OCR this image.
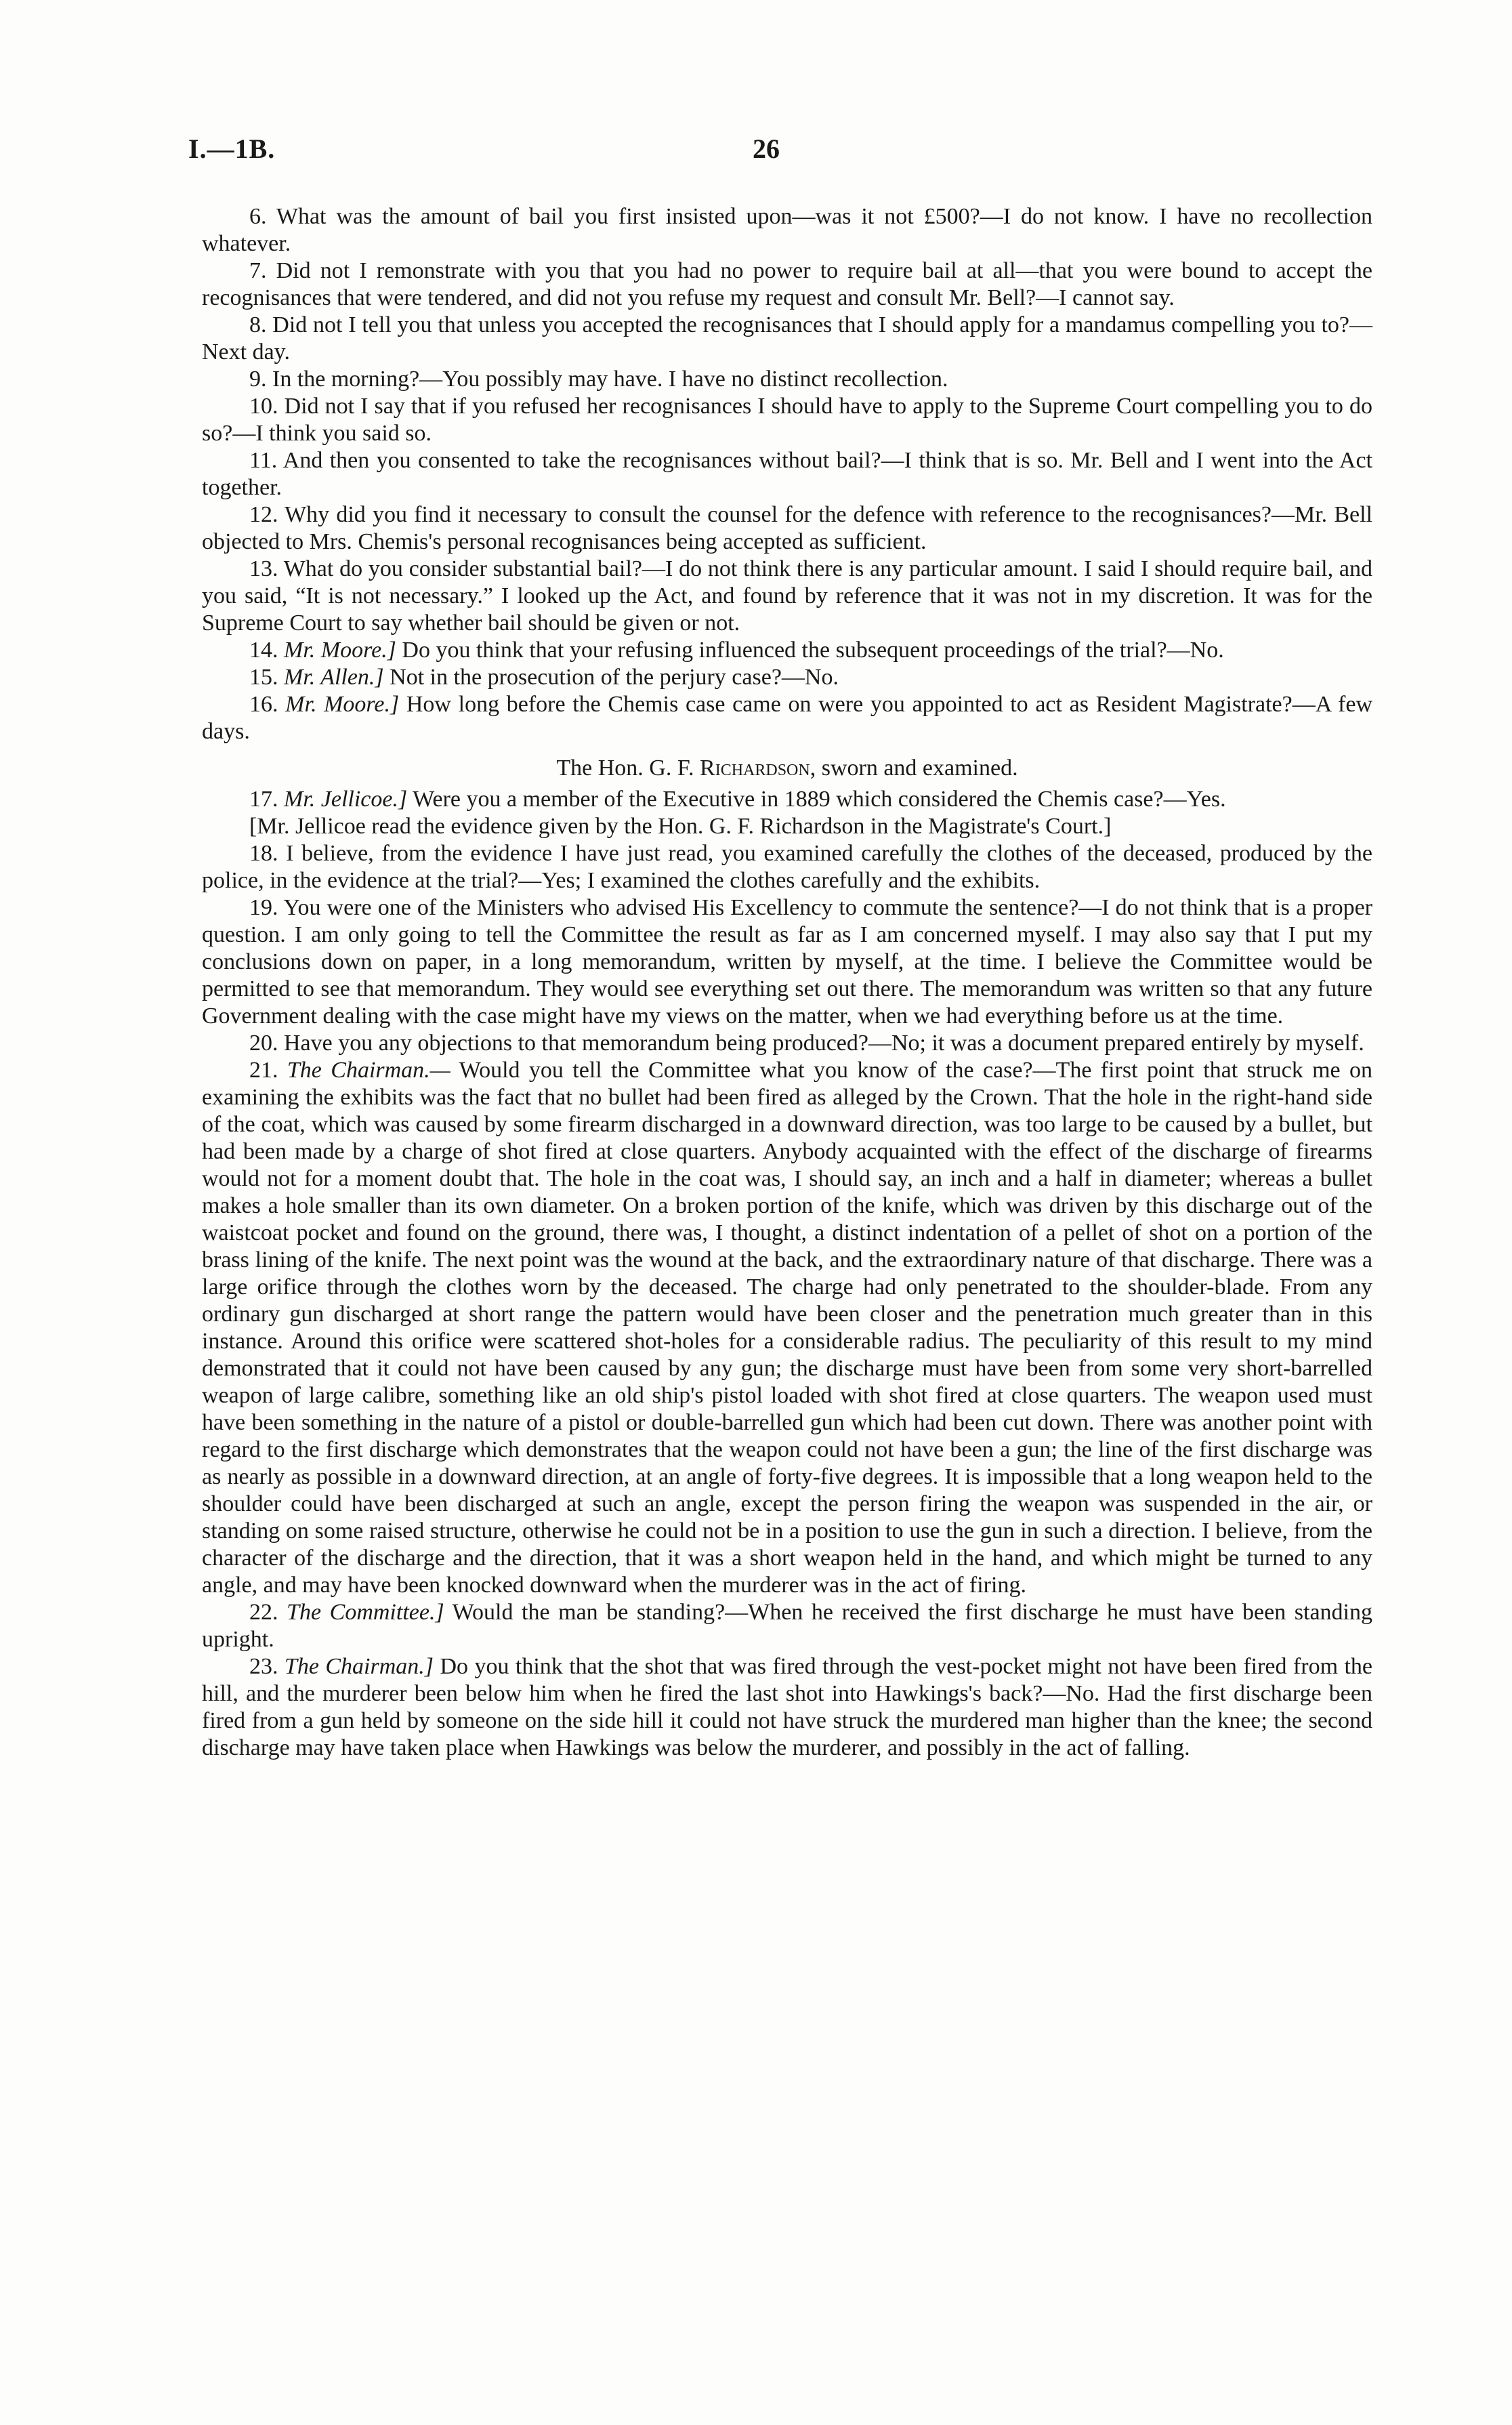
I.—1B.	26

6. What was the amount of bail you first insisted upon—was it not £500?—I do not know. I have no recollection whatever.

7. Did not I remonstrate with you that you had no power to require bail at all—that you were bound to accept the recognisances that were tendered, and did not you refuse my request and consult Mr. Bell?—I cannot say.

8. Did not I tell you that unless you accepted the recognisances that I should apply for a mandamus compelling you to?—Next day.

9. In the morning?—You possibly may have. I have no distinct recollection.

10. Did not I say that if you refused her recognisances I should have to apply to the Supreme Court compelling you to do so?—I think you said so.

11. And then you consented to take the recognisances without bail?—I think that is so. Mr. Bell and I went into the Act together.

12. Why did you find it necessary to consult the counsel for the defence with reference to the recognisances?—Mr. Bell objected to Mrs. Chemis's personal recognisances being accepted as sufficient.

13. What do you consider substantial bail?—I do not think there is any particular amount. I said I should require bail, and you said, “It is not necessary.” I looked up the Act, and found by reference that it was not in my discretion. It was for the Supreme Court to say whether bail should be given or not.

14. Mr. Moore.] Do you think that your refusing influenced the subsequent proceedings of the trial?—No.

15. Mr. Allen.] Not in the prosecution of the perjury case?—No.

16. Mr. Moore.] How long before the Chemis case came on were you appointed to act as Resident Magistrate?—A few days.

The Hon. G. F. Richardson, sworn and examined.

17. Mr. Jellicoe.] Were you a member of the Executive in 1889 which considered the Chemis case?—Yes.

[Mr. Jellicoe read the evidence given by the Hon. G. F. Richardson in the Magistrate's Court.]

18. I believe, from the evidence I have just read, you examined carefully the clothes of the deceased, produced by the police, in the evidence at the trial?—Yes; I examined the clothes carefully and the exhibits.

19. You were one of the Ministers who advised His Excellency to commute the sentence?—I do not think that is a proper question. I am only going to tell the Committee the result as far as I am concerned myself. I may also say that I put my conclusions down on paper, in a long memorandum, written by myself, at the time. I believe the Committee would be permitted to see that memorandum. They would see everything set out there. The memorandum was written so that any future Government dealing with the case might have my views on the matter, when we had everything before us at the time.

20. Have you any objections to that memorandum being produced?—No; it was a document prepared entirely by myself.

21. The Chairman.— Would you tell the Committee what you know of the case?—The first point that struck me on examining the exhibits was the fact that no bullet had been fired as alleged by the Crown. That the hole in the right-hand side of the coat, which was caused by some firearm discharged in a downward direction, was too large to be caused by a bullet, but had been made by a charge of shot fired at close quarters. Anybody acquainted with the effect of the discharge of firearms would not for a moment doubt that. The hole in the coat was, I should say, an inch and a half in diameter; whereas a bullet makes a hole smaller than its own diameter. On a broken portion of the knife, which was driven by this discharge out of the waistcoat pocket and found on the ground, there was, I thought, a distinct indentation of a pellet of shot on a portion of the brass lining of the knife. The next point was the wound at the back, and the extraordinary nature of that discharge. There was a large orifice through the clothes worn by the deceased. The charge had only penetrated to the shoulder-blade. From any ordinary gun discharged at short range the pattern would have been closer and the penetration much greater than in this instance. Around this orifice were scattered shot-holes for a considerable radius. The peculiarity of this result to my mind demonstrated that it could not have been caused by any gun; the discharge must have been from some very short-barrelled weapon of large calibre, something like an old ship's pistol loaded with shot fired at close quarters. The weapon used must have been something in the nature of a pistol or double-barrelled gun which had been cut down. There was another point with regard to the first discharge which demonstrates that the weapon could not have been a gun; the line of the first discharge was as nearly as possible in a downward direction, at an angle of forty-five degrees. It is impossible that a long weapon held to the shoulder could have been discharged at such an angle, except the person firing the weapon was suspended in the air, or standing on some raised structure, otherwise he could not be in a position to use the gun in such a direction. I believe, from the character of the discharge and the direction, that it was a short weapon held in the hand, and which might be turned to any angle, and may have been knocked downward when the murderer was in the act of firing.

22. The Committee.] Would the man be standing?—When he received the first discharge he must have been standing upright.

23. The Chairman.] Do you think that the shot that was fired through the vest-pocket might not have been fired from the hill, and the murderer been below him when he fired the last shot into Hawkings's back?—No. Had the first discharge been fired from a gun held by someone on the side hill it could not have struck the murdered man higher than the knee; the second discharge may have taken place when Hawkings was below the murderer, and possibly in the act of falling.
